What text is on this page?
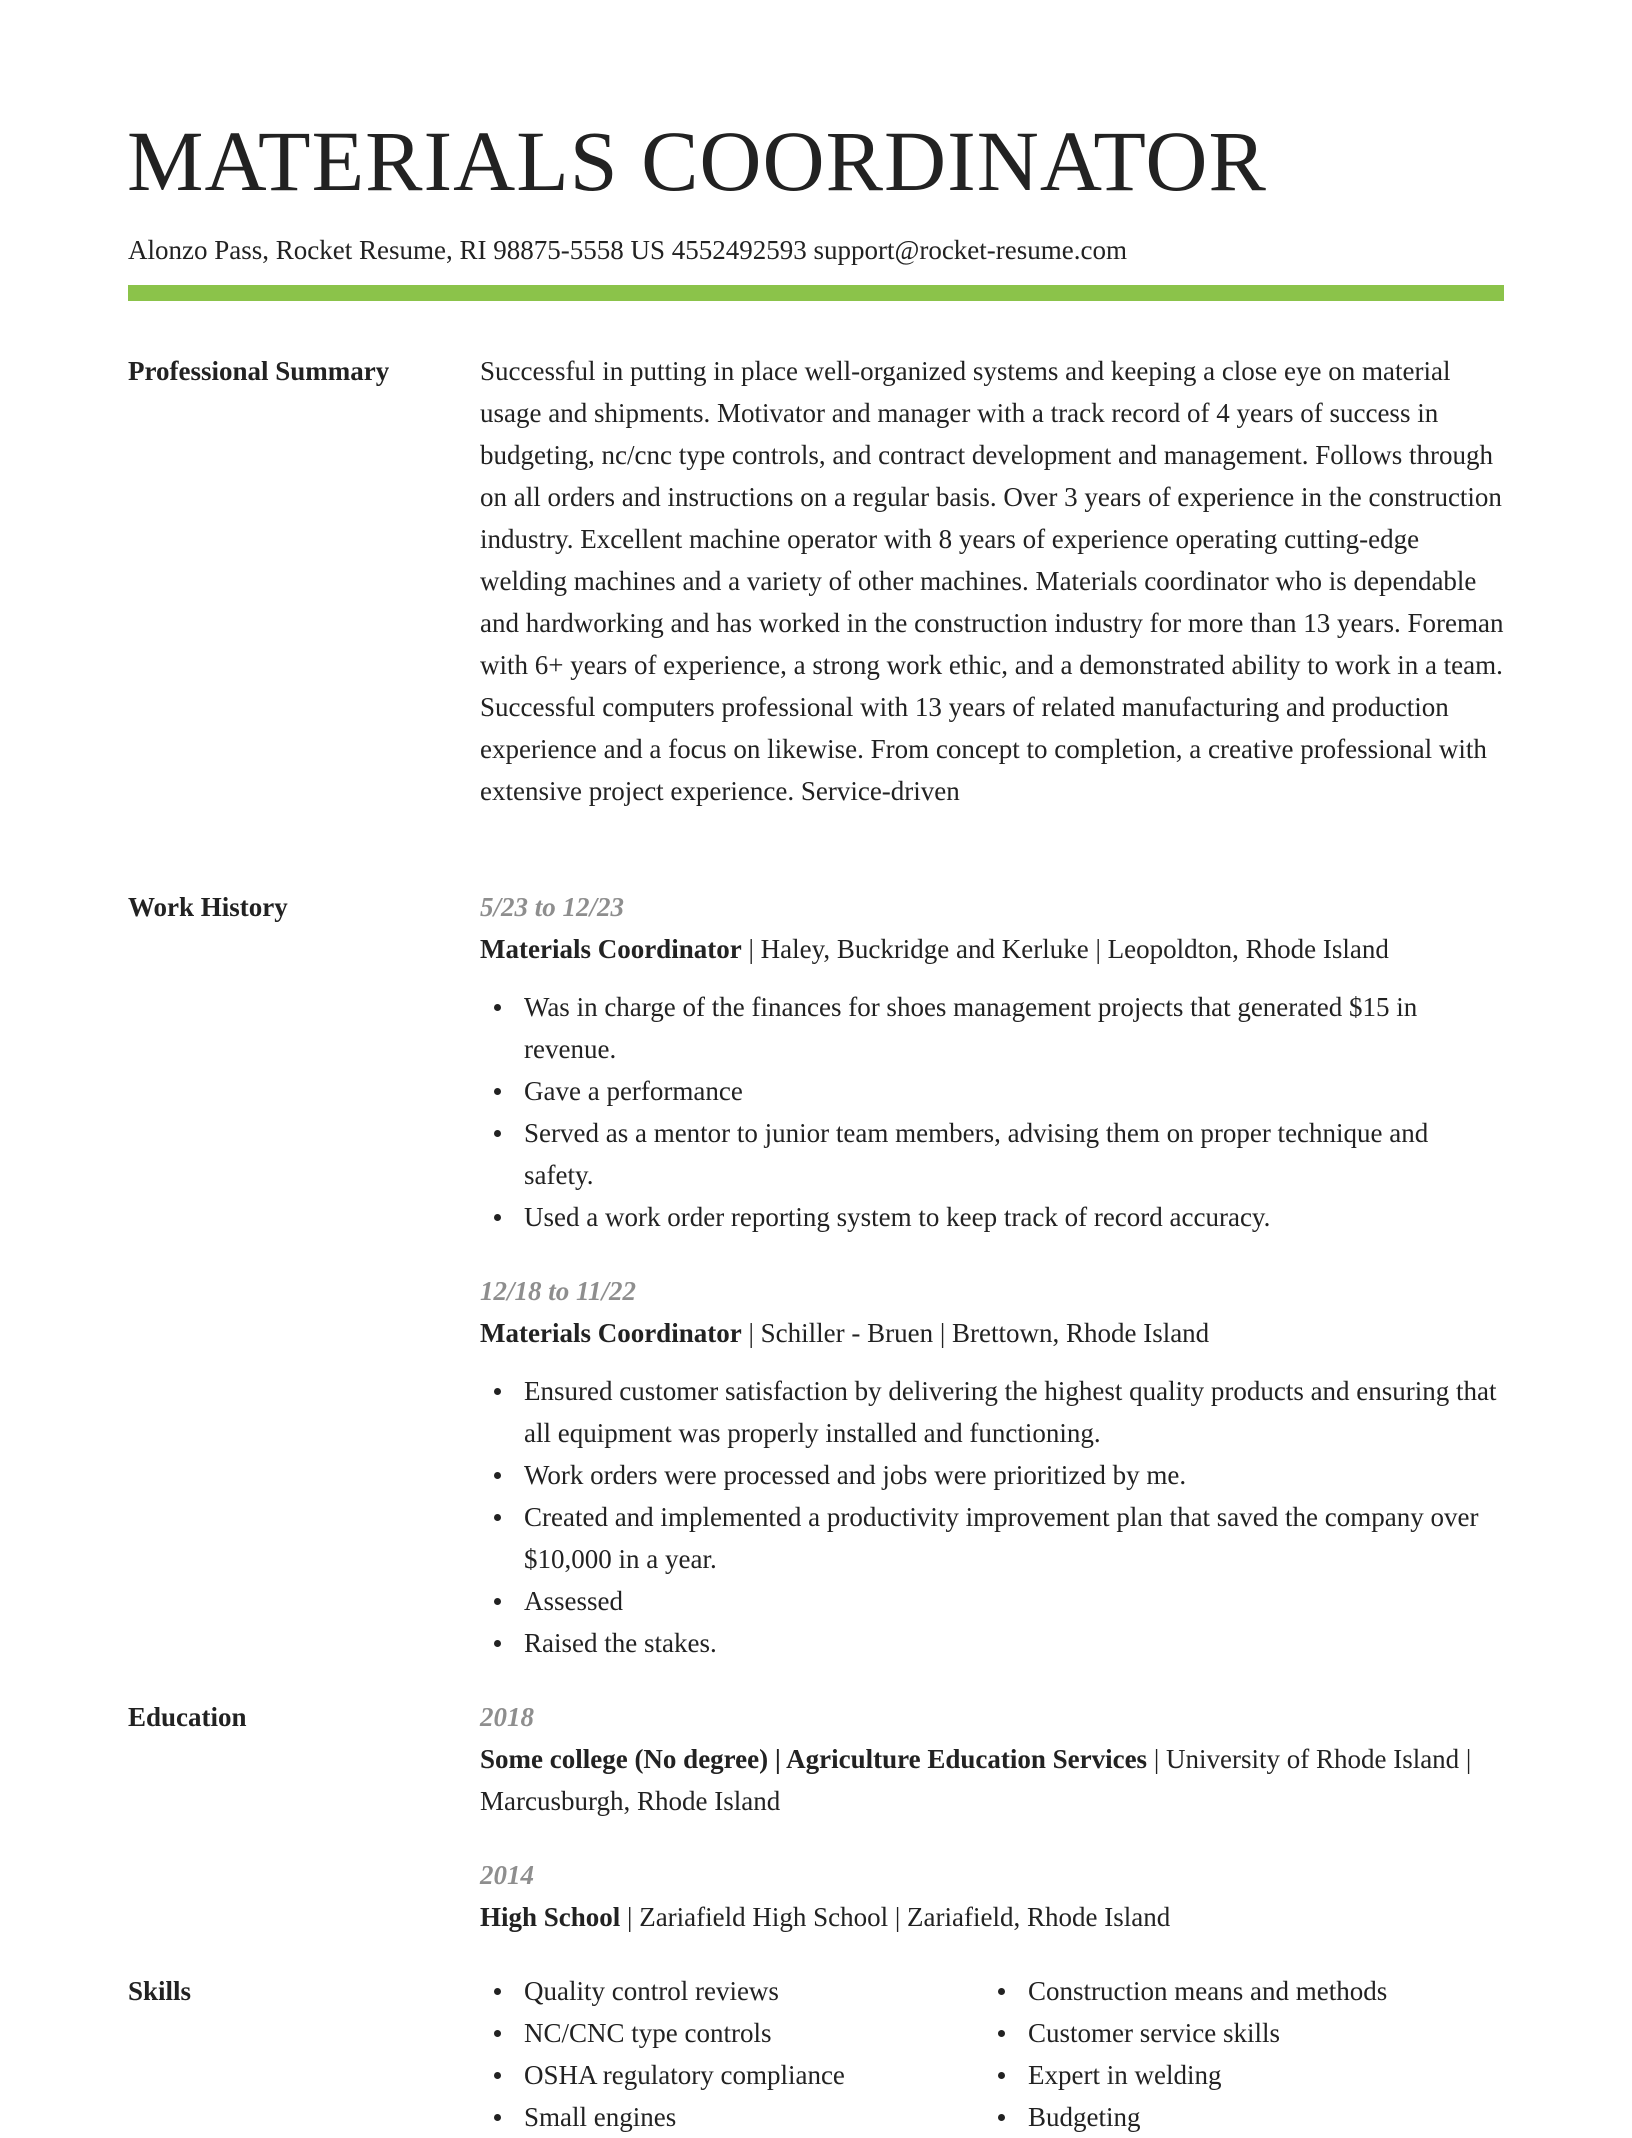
MATERIALS COORDINATOR
Alonzo Pass, Rocket Resume, RI 98875-5558 US 4552492593 support@rocket-resume.com
Professional Summary	Successful in putting in place well-organized systems and keeping a close eye on material usage and shipments. Motivator and manager with a track record of 4 years of success in budgeting, nc/cnc type controls, and contract development and management. Follows through on all orders and instructions on a regular basis. Over 3 years of experience in the construction industry. Excellent machine operator with 8 years of experience operating cutting-edge welding machines and a variety of other machines. Materials coordinator who is dependable and hardworking and has worked in the construction industry for more than 13 years. Foreman with 6+ years of experience, a strong work ethic, and a demonstrated ability to work in a team. Successful computers professional with 13 years of related manufacturing and production experience and a focus on likewise. From concept to completion, a creative professional with extensive project experience. Service-driven
Work History	5/23 to 12/23
Materials Coordinator | Haley, Buckridge and Kerluke | Leopoldton, Rhode Island
Was in charge of the finances for shoes management projects that generated $15 in revenue.
Gave a performance
Served as a mentor to junior team members, advising them on proper technique and safety.
Used a work order reporting system to keep track of record accuracy.
12/18 to 11/22
Materials Coordinator | Schiller - Bruen | Brettown, Rhode Island
Ensured customer satisfaction by delivering the highest quality products and ensuring that all equipment was properly installed and functioning.
Work orders were processed and jobs were prioritized by me.
Created and implemented a productivity improvement plan that saved the company over $10,000 in a year.
Assessed
Raised the stakes.
Education	2018
Some college (No degree) | Agriculture Education Services | University of Rhode Island | Marcusburgh, Rhode Island
2014
High School | Zariafield High School | Zariafield, Rhode Island
Skills	Quality control reviews
NC/CNC type controls
OSHA regulatory compliance
Small engines
Construction means and methods
Customer service skills
Expert in welding
Budgeting
